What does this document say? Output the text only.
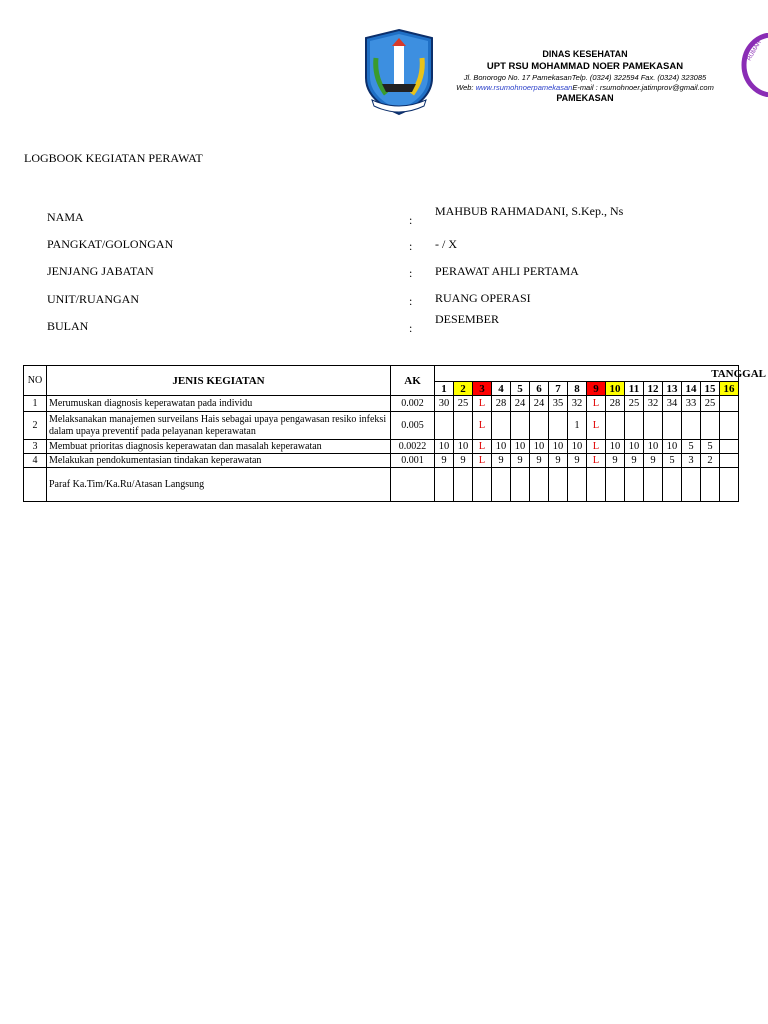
DINAS KESEHATAN
UPT RSU MOHAMMAD NOER PAMEKASAN
Jl. Bonorogo No. 17 PamekasanTelp. (0324) 322594 Fax. (0324) 323085
Web: www.rsumohnoerpamekasanE-mail : rsumohnoer.jatimprov@gmail.com
PAMEKASAN
RUMAH
LOGBOOK KEGIATAN PERAWAT
NAMA	:
MAHBUB RAHMADANI, S.Kep., Ns
PANGKAT/GOLONGAN	: - / X
JENJANG JABATAN	: PERAWAT AHLI PERTAMA
UNIT/RUANGAN	: RUANG OPERASI
BULAN	:
DESEMBER
NO	JENIS KEGIATAN	AK	TANGGAL															
			1	2	3	4	5	6	7	8	9	10	11	12	13	14	15	16
1	Merumuskan diagnosis keperawatan pada individu	0.002	30	25	L	28	24	24	35	32	L	28	25	32	34	33	25	
2	Melaksanakan manajemen surveilans Hais sebagai upaya pengawasan resiko infeksi dalam upaya preventif pada pelayanan keperawatan	0.005			L					1	L							
3	Membuat prioritas diagnosis keperawatan dan masalah keperawatan	0.0022	10	10	L	10	10	10	10	10	L	10	10	10	10	5	5	
4	Melakukan pendokumentasian tindakan keperawatan	0.001	9	9	L	9	9	9	9	9	L	9	9	9	5	3	2	
	Paraf Ka.Tim/Ka.Ru/Atasan Langsung																	
